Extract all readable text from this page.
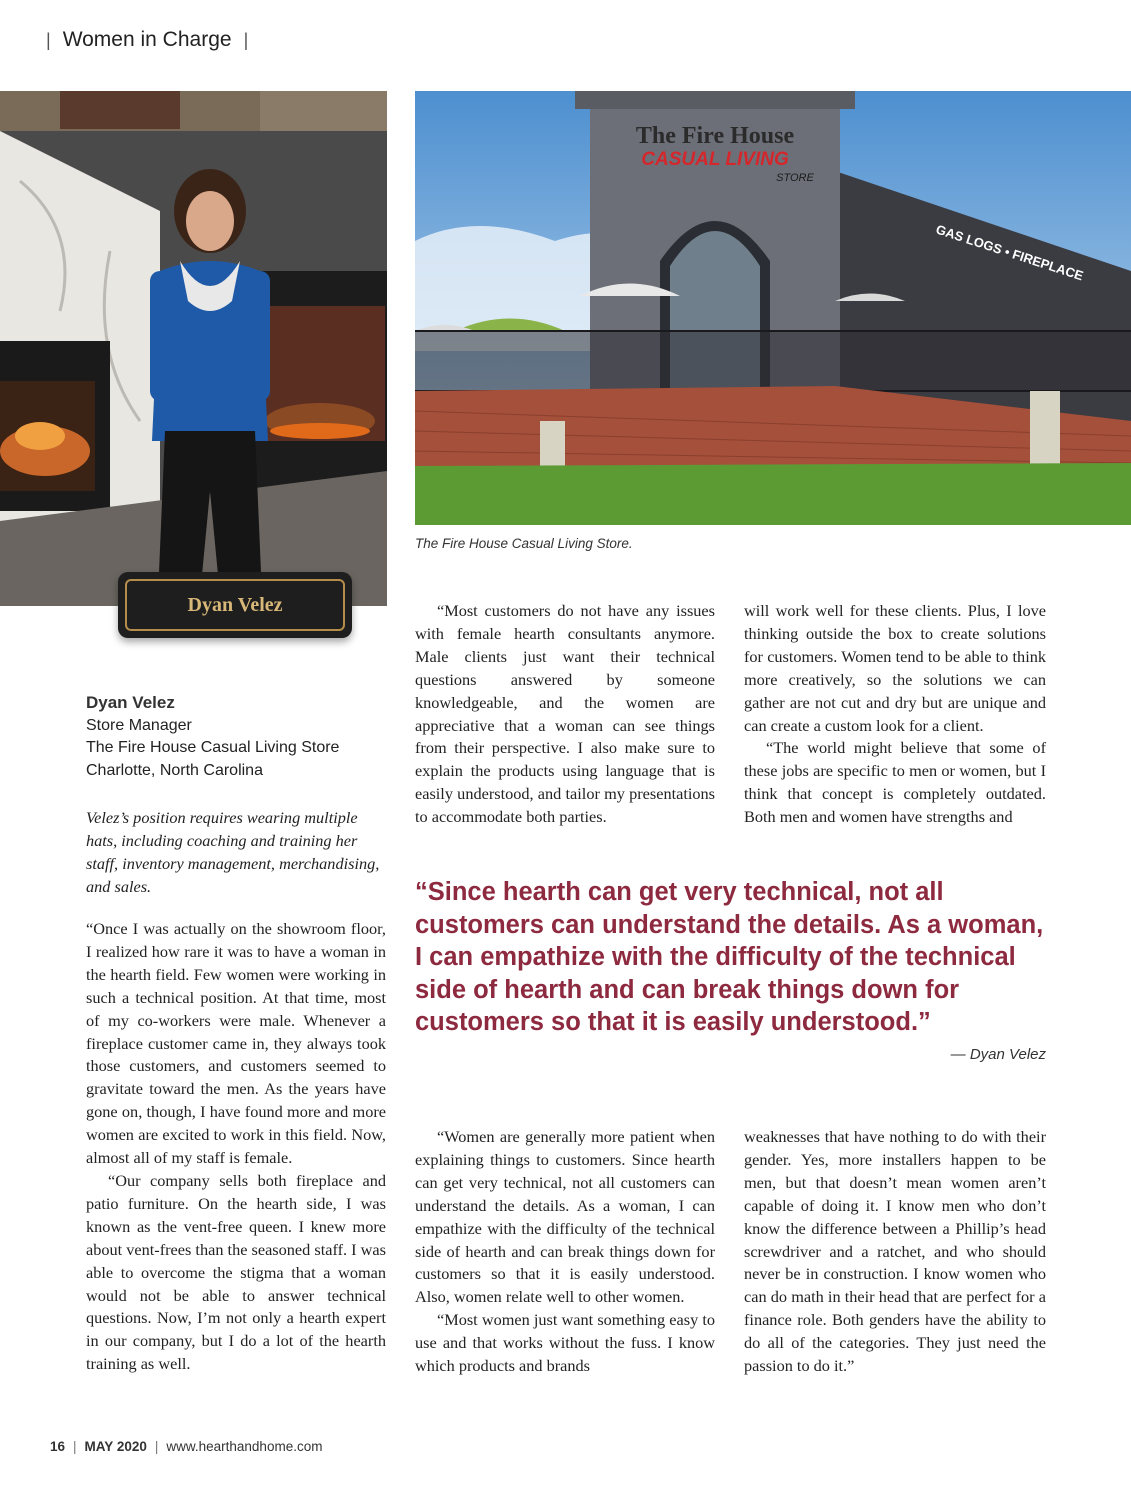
| Women in Charge |
Dyan Velez
The Fire House
CASUAL LIVING
STORE
GAS LOGS • FIREPLACE
The Fire House Casual Living Store.
Dyan Velez
Store Manager
The Fire House Casual Living Store
Charlotte, North Carolina
Velez’s position requires wearing multiple hats, including coaching and training her staff, inventory management, merchandising, and sales.

“Once I was actually on the showroom floor, I realized how rare it was to have a woman in the hearth field. Few women were working in such a technical position. At that time, most of my co-workers were male. Whenever a fireplace customer came in, they always took those customers, and customers seemed to gravitate toward the men. As the years have gone on, though, I have found more and more women are excited to work in this field. Now, almost all of my staff is female.

“Our company sells both fireplace and patio furniture. On the hearth side, I was known as the vent-free queen. I knew more about vent-frees than the seasoned staff. I was able to overcome the stigma that a woman would not be able to answer technical questions. Now, I’m not only a hearth expert in our company, but I do a lot of the hearth training as well.

“Most customers do not have any issues with female hearth consultants anymore. Male clients just want their technical questions answered by someone knowledgeable, and the women are appreciative that a woman can see things from their perspective. I also make sure to explain the products using language that is easily understood, and tailor my presentations to accommodate both parties.

will work well for these clients. Plus, I love thinking outside the box to create solutions for customers. Women tend to be able to think more creatively, so the solutions we can gather are not cut and dry but are unique and can create a custom look for a client.

“The world might believe that some of these jobs are specific to men or women, but I think that concept is completely outdated. Both men and women have strengths and

“Since hearth can get very technical, not all customers can understand the details. As a woman, I can empathize with the difficulty of the technical side of hearth and can break things down for customers so that it is easily understood.”
— Dyan Velez

“Women are generally more patient when explaining things to customers. Since hearth can get very technical, not all customers can understand the details. As a woman, I can empathize with the difficulty of the technical side of hearth and can break things down for customers so that it is easily understood. Also, women relate well to other women.

“Most women just want something easy to use and that works without the fuss. I know which products and brands

weaknesses that have nothing to do with their gender. Yes, more installers happen to be men, but that doesn’t mean women aren’t capable of doing it. I know men who don’t know the difference between a Phillip’s head screwdriver and a ratchet, and who should never be in construction. I know women who can do math in their head that are perfect for a finance role. Both genders have the ability to do all of the categories. They just need the passion to do it.”

16 | MAY 2020 | www.hearthandhome.com
